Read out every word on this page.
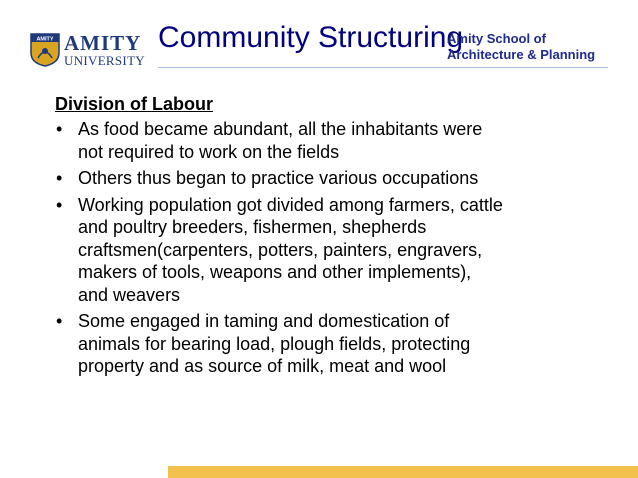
AMITY AMITY
UNIVERSITY
Community Structuring
Amity School of
Architecture & Planning
Division of Labour
• As food became abundant, all the inhabitants were
not required to work on the fields
• Others thus began to practice various occupations
• Working population got divided among farmers, cattle
and poultry breeders, fishermen, shepherds
craftsmen(carpenters, potters, painters, engravers,
makers of tools, weapons and other implements),
and weavers
• Some engaged in taming and domestication of
animals for bearing load, plough fields, protecting
property and as source of milk, meat and wool
